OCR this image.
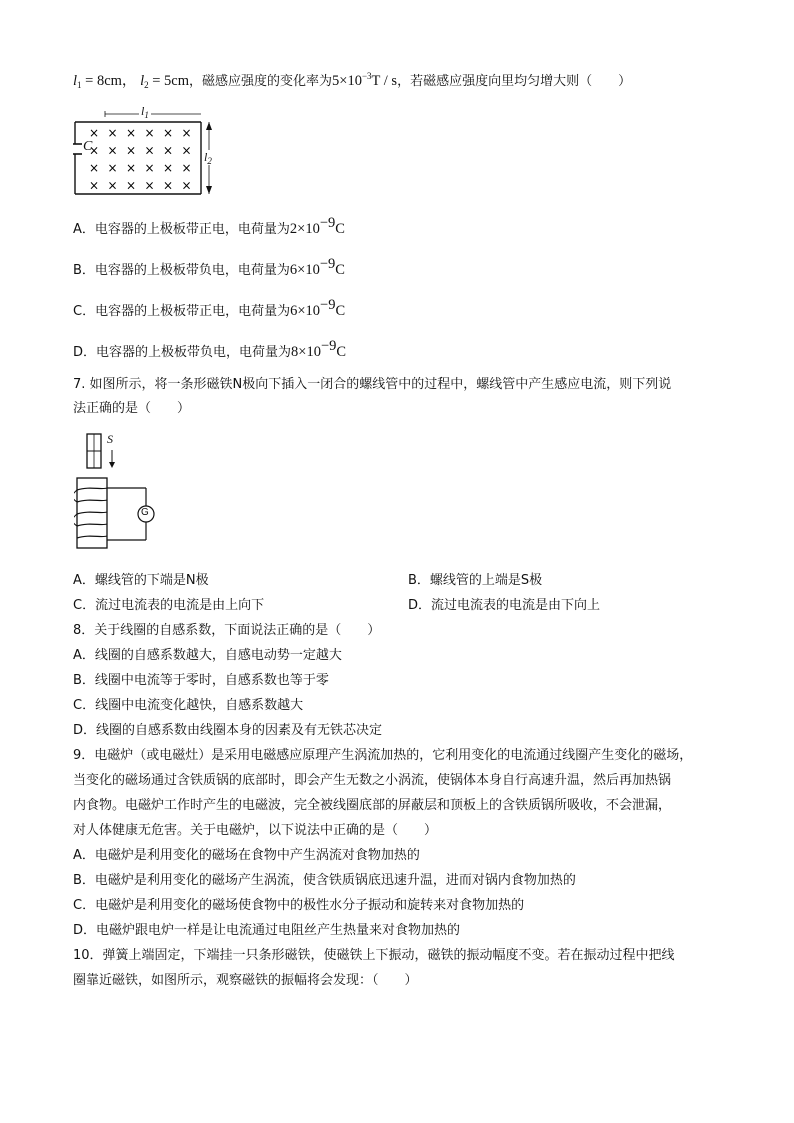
$l_1 = 8cm$， $l_2 = 5cm$，磁感应强度的变化率为$5\times 10^{-3}T / s$，若磁感应强度向里均匀增大则（　　）
× × × × × ×
× × × × × ×
× × × × × ×
× × × × × ×
C
$l_1$
$l_2$
A．电容器的上极板带正电，电荷量为$2\times 10^{-9}C$
B．电容器的上极板带负电，电荷量为$6\times 10^{-9}C$
C．电容器的上极板带正电，电荷量为$6\times 10^{-9}C$
D．电容器的上极板带负电，电荷量为$8\times 10^{-9}C$
7. 如图所示，将一条形磁铁N极向下插入一闭合的螺线管中的过程中，螺线管中产生感应电流，则下列说
法正确的是（　　）
S
G
A．螺线管的下端是N极	B．螺线管的上端是S极
C．流过电流表的电流是由上向下	D．流过电流表的电流是由下向上
8．关于线圈的自感系数，下面说法正确的是（　　）
A．线圈的自感系数越大，自感电动势一定越大
B．线圈中电流等于零时，自感系数也等于零
C．线圈中电流变化越快，自感系数越大
D．线圈的自感系数由线圈本身的因素及有无铁芯决定
9．电磁炉（或电磁灶）是采用电磁感应原理产生涡流加热的，它利用变化的电流通过线圈产生变化的磁场，
当变化的磁场通过含铁质锅的底部时，即会产生无数之小涡流，使锅体本身自行高速升温，然后再加热锅
内食物。电磁炉工作时产生的电磁波，完全被线圈底部的屏蔽层和顶板上的含铁质锅所吸收，不会泄漏，
对人体健康无危害。关于电磁炉，以下说法中正确的是（　　）
A．电磁炉是利用变化的磁场在食物中产生涡流对食物加热的
B．电磁炉是利用变化的磁场产生涡流，使含铁质锅底迅速升温，进而对锅内食物加热的
C．电磁炉是利用变化的磁场使食物中的极性水分子振动和旋转来对食物加热的
D．电磁炉跟电炉一样是让电流通过电阻丝产生热量来对食物加热的
10．弹簧上端固定，下端挂一只条形磁铁，使磁铁上下振动，磁铁的振动幅度不变。若在振动过程中把线
圈靠近磁铁，如图所示，观察磁铁的振幅将会发现：（　　）
